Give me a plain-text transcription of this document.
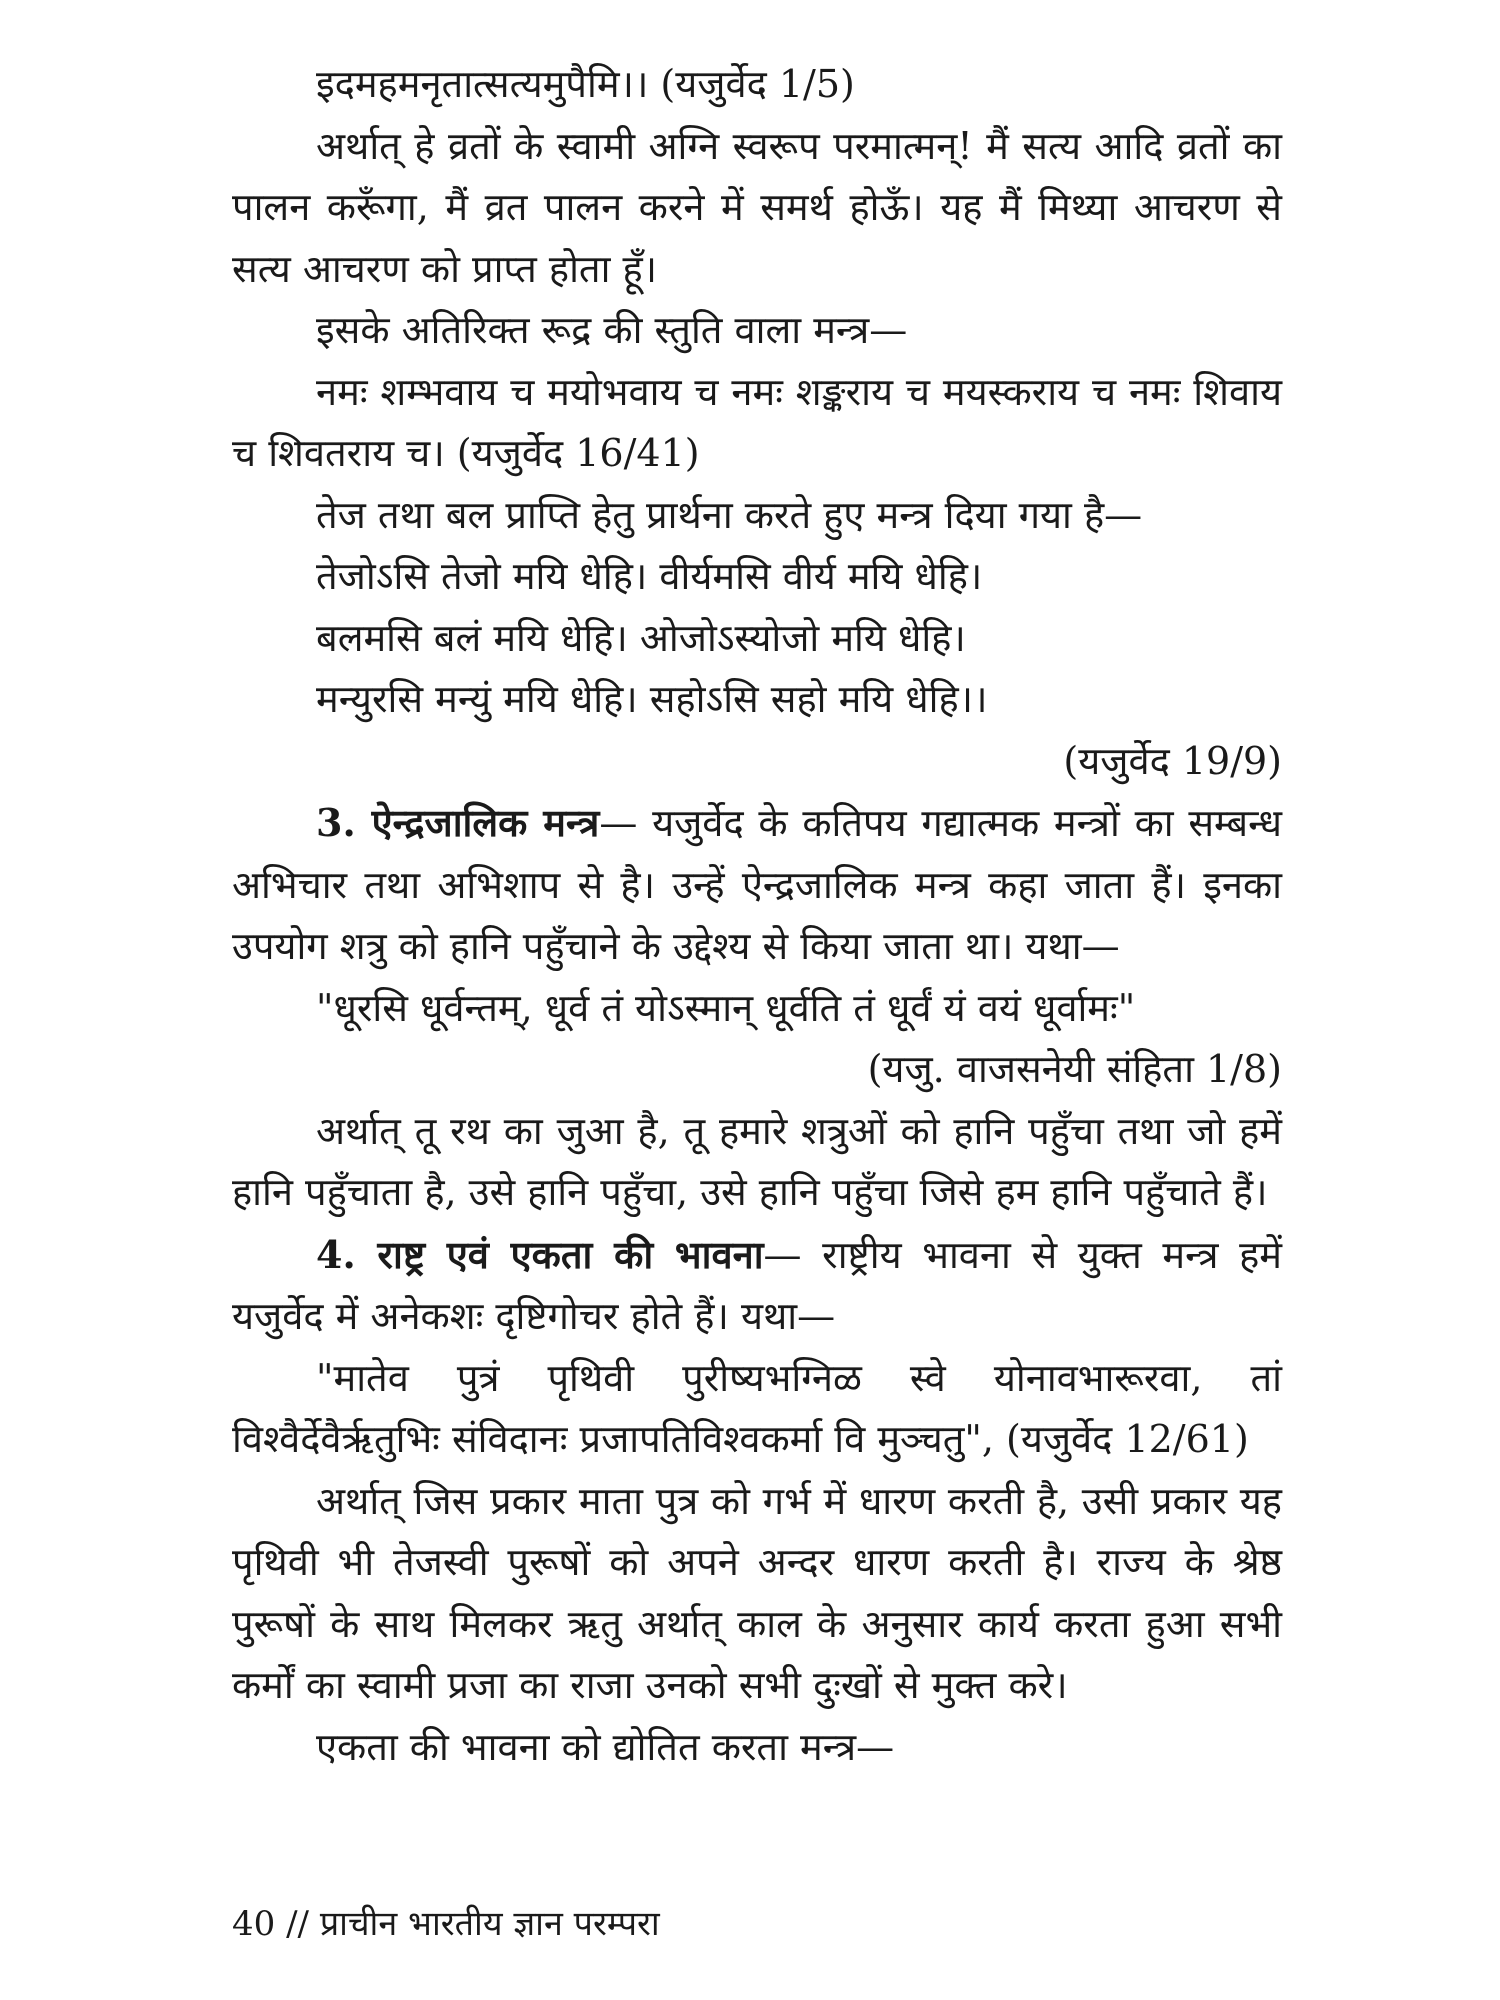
इदमहमनृतात्सत्यमुपैमि।। (यजुर्वेद 1/5)

अर्थात् हे व्रतों के स्वामी अग्नि स्वरूप परमात्मन्! मैं सत्य आदि व्रतों का पालन करूँगा, मैं व्रत पालन करने में समर्थ होऊँ। यह मैं मिथ्या आचरण से सत्य आचरण को प्राप्त होता हूँ।

इसके अतिरिक्त रूद्र की स्तुति वाला मन्त्र—

नमः शम्भवाय च मयोभवाय च नमः शङ्कराय च मयस्कराय च नमः शिवाय च शिवतराय च। (यजुर्वेद 16/41)

तेज तथा बल प्राप्ति हेतु प्रार्थना करते हुए मन्त्र दिया गया है—

तेजोऽसि तेजो मयि धेहि। वीर्यमसि वीर्य मयि धेहि।

बलमसि बलं मयि धेहि। ओजोऽस्योजो मयि धेहि।

मन्युरसि मन्युं मयि धेहि। सहोऽसि सहो मयि धेहि।।

(यजुर्वेद 19/9)

3. ऐन्द्रजालिक मन्त्र— यजुर्वेद के कतिपय गद्यात्मक मन्त्रों का सम्बन्ध अभिचार तथा अभिशाप से है। उन्हें ऐन्द्रजालिक मन्त्र कहा जाता हैं। इनका उपयोग शत्रु को हानि पहुँचाने के उद्देश्य से किया जाता था। यथा—

"धूरसि धूर्वन्तम्, धूर्व तं योऽस्मान् धूर्वति तं धूर्वं यं वयं धूर्वामः"

(यजु. वाजसनेयी संहिता 1/8)

अर्थात् तू रथ का जुआ है, तू हमारे शत्रुओं को हानि पहुँचा तथा जो हमें हानि पहुँचाता है, उसे हानि पहुँचा, उसे हानि पहुँचा जिसे हम हानि पहुँचाते हैं।

4. राष्ट्र एवं एकता की भावना— राष्ट्रीय भावना से युक्त मन्त्र हमें यजुर्वेद में अनेकशः दृष्टिगोचर होते हैं। यथा—

"मातेव पुत्रं पृथिवी पुरीष्यभग्निळ स्वे योनावभारूरवा, तां विश्वैर्देवैर्ऋतुभिः संविदानः प्रजापतिविश्वकर्मा वि मुञ्चतु", (यजुर्वेद 12/61)

अर्थात् जिस प्रकार माता पुत्र को गर्भ में धारण करती है, उसी प्रकार यह पृथिवी भी तेजस्वी पुरूषों को अपने अन्दर धारण करती है। राज्य के श्रेष्ठ पुरूषों के साथ मिलकर ऋतु अर्थात् काल के अनुसार कार्य करता हुआ सभी कर्मों का स्वामी प्रजा का राजा उनको सभी दुःखों से मुक्त करे।

एकता की भावना को द्योतित करता मन्त्र—

40 // प्राचीन भारतीय ज्ञान परम्परा
